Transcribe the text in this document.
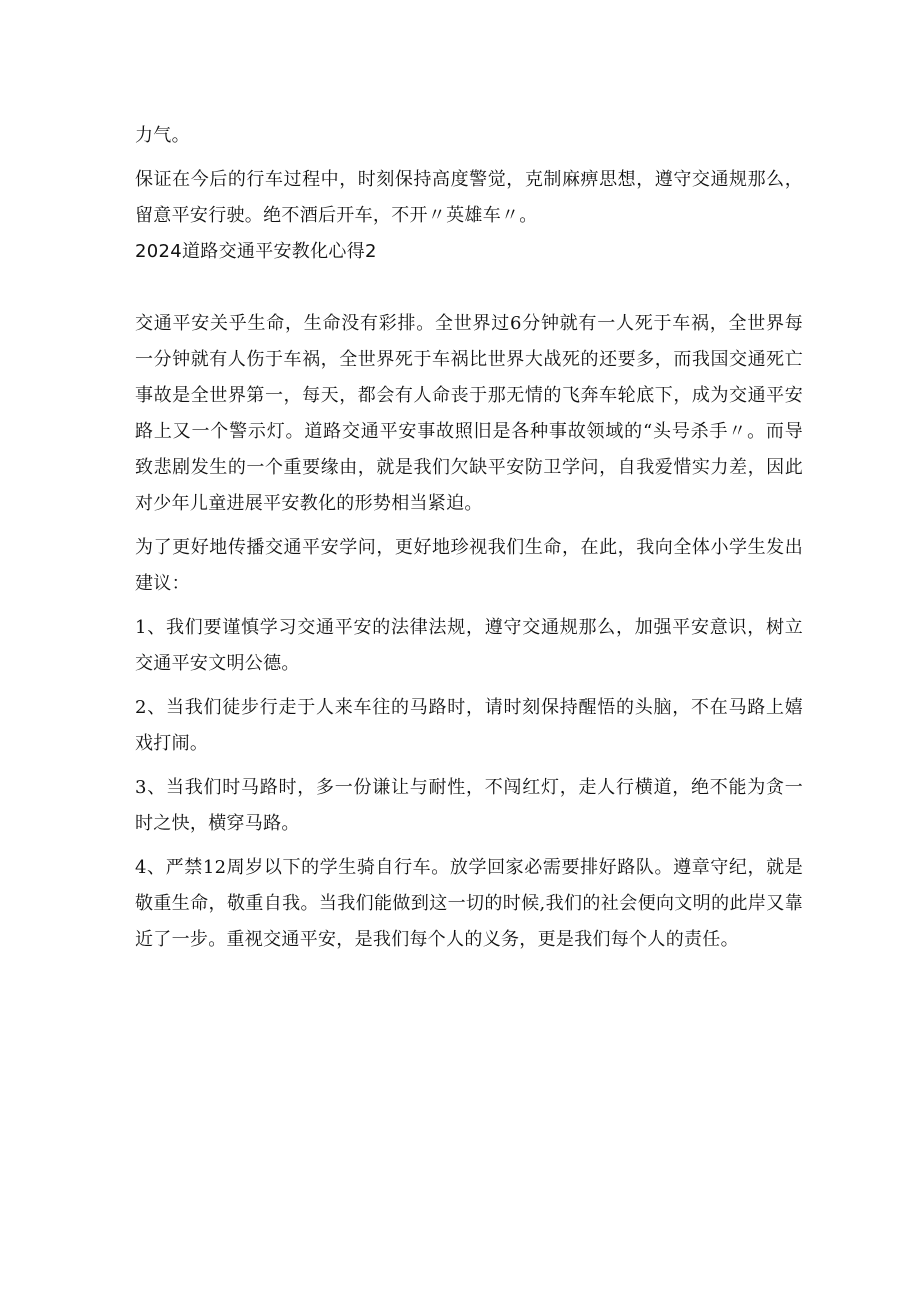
力气。

保证在今后的行车过程中，时刻保持高度警觉，克制麻痹思想，遵守交通规那么，留意平安行驶。绝不酒后开车，不开〃英雄车〃。

2024道路交通平安教化心得2

交通平安关乎生命，生命没有彩排。全世界过6分钟就有一人死于车祸，全世界每一分钟就有人伤于车祸，全世界死于车祸比世界大战死的还要多，而我国交通死亡事故是全世界第一，每天，都会有人命丧于那无情的飞奔车轮底下，成为交通平安路上又一个警示灯。道路交通平安事故照旧是各种事故领域的“头号杀手〃。而导致悲剧发生的一个重要缘由，就是我们欠缺平安防卫学问，自我爱惜实力差，因此对少年儿童进展平安教化的形势相当紧迫。

为了更好地传播交通平安学问，更好地珍视我们生命，在此，我向全体小学生发出建议：

1、我们要谨慎学习交通平安的法律法规，遵守交通规那么，加强平安意识，树立交通平安文明公德。

2、当我们徒步行走于人来车往的马路时，请时刻保持醒悟的头脑，不在马路上嬉戏打闹。

3、当我们时马路时，多一份谦让与耐性，不闯红灯，走人行横道，绝不能为贪一时之快，横穿马路。

4、严禁12周岁以下的学生骑自行车。放学回家必需要排好路队。遵章守纪，就是敬重生命，敬重自我。当我们能做到这一切的时候,我们的社会便向文明的此岸又靠近了一步。重视交通平安，是我们每个人的义务，更是我们每个人的责任。
